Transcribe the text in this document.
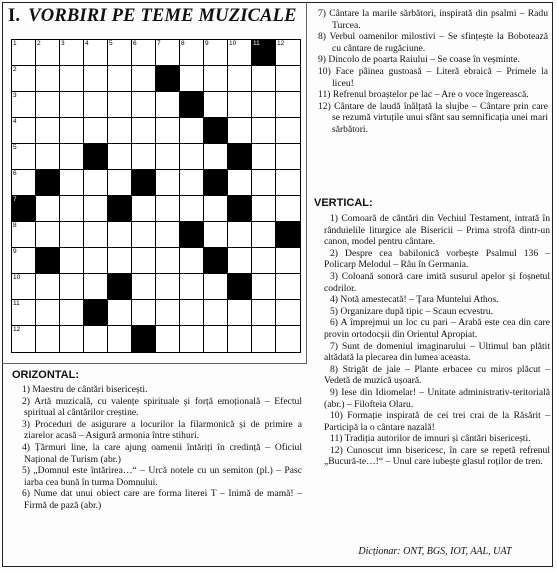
I. VORBIRI PE TEME MUZICALE
1	2	3	4	5	6	7	8	9	10	11	12
2
3
4
5
6
7
8
9
10
11
12

7) Cântare la marile sărbători, inspirată din psalmi – Radu Turcea.

8) Verbul oamenilor milostivi – Se sfințește la Bobotează cu cântare de rugăciune.

9) Dincolo de poarta Raiului – Se coase în veșminte.

10) Face pâinea gustoasă – Literă ebraică – Primele la liceu!

11) Refrenul broaștelor pe lac – Are o voce îngerească.

12) Cântare de laudă înălțată la slujbe – Cântare prin care se rezumă virtuțile unui sfânt sau semnificația unei mari sărbători.

VERTICAL:

1) Comoară de cântări din Vechiul Testament, intrată în rânduielile liturgice ale Bisericii – Prima strofă dintr-un canon, model pentru cântare.

2) Despre cea babilonică vorbește Psalmul 136 – Policarp Melodul – Râu în Germania.

3) Coloană sonoră care imită susurul apelor și foșnetul codrilor.

4) Notă amestecată! – Țara Muntelui Athos.

5) Organizare după tipic – Scaun ecvestru.

6) A împrejmui un loc cu pari – Arabă este cea din care provin ortodocșii din Orientul Apropiat.

7) Sunt de domeniul imaginarului – Ultimul ban plătit altădată la plecarea din lumea aceasta.

8) Strigăt de jale – Plante erbacee cu miros plăcut – Vedetă de muzică ușoară.

9) Iese din Idiomelar! – Unitate administrativ-teritorială (abr.) – Filofteia Olaru.

10) Formație inspirată de cei trei crai de la Răsărit – Participă la o cântare nazală!

11) Tradiția autorilor de imnuri și cântări bisericești.

12) Cunoscut imn bisericesc, în care se repetă refrenul „Bucură-te…!“ – Unul care iubește glasul roților de tren.

ORIZONTAL:

1) Maestru de cântări bisericești.

2) Artă muzicală, cu valențe spirituale și forță emoțională – Efectul spiritual al cântărilor creștine.

3) Proceduri de asigurare a locurilor la filarmonică și de primire a ziarelor acasă – Asigură armonia între stihuri.

4) Țărmuri line, la care ajung oamenii întăriți în credință – Oficiul Național de Turism (abr.)

5) „Domnul este întărirea…“ – Urcă notele cu un semiton (pl.) – Pasc iarba cea bună în turma Domnului.

6) Nume dat unui obiect care are forma literei T – Inimă de mamă! – Firmă de pază (abr.)

Dicționar: ONT, BGS, IOT, AAL, UAT
